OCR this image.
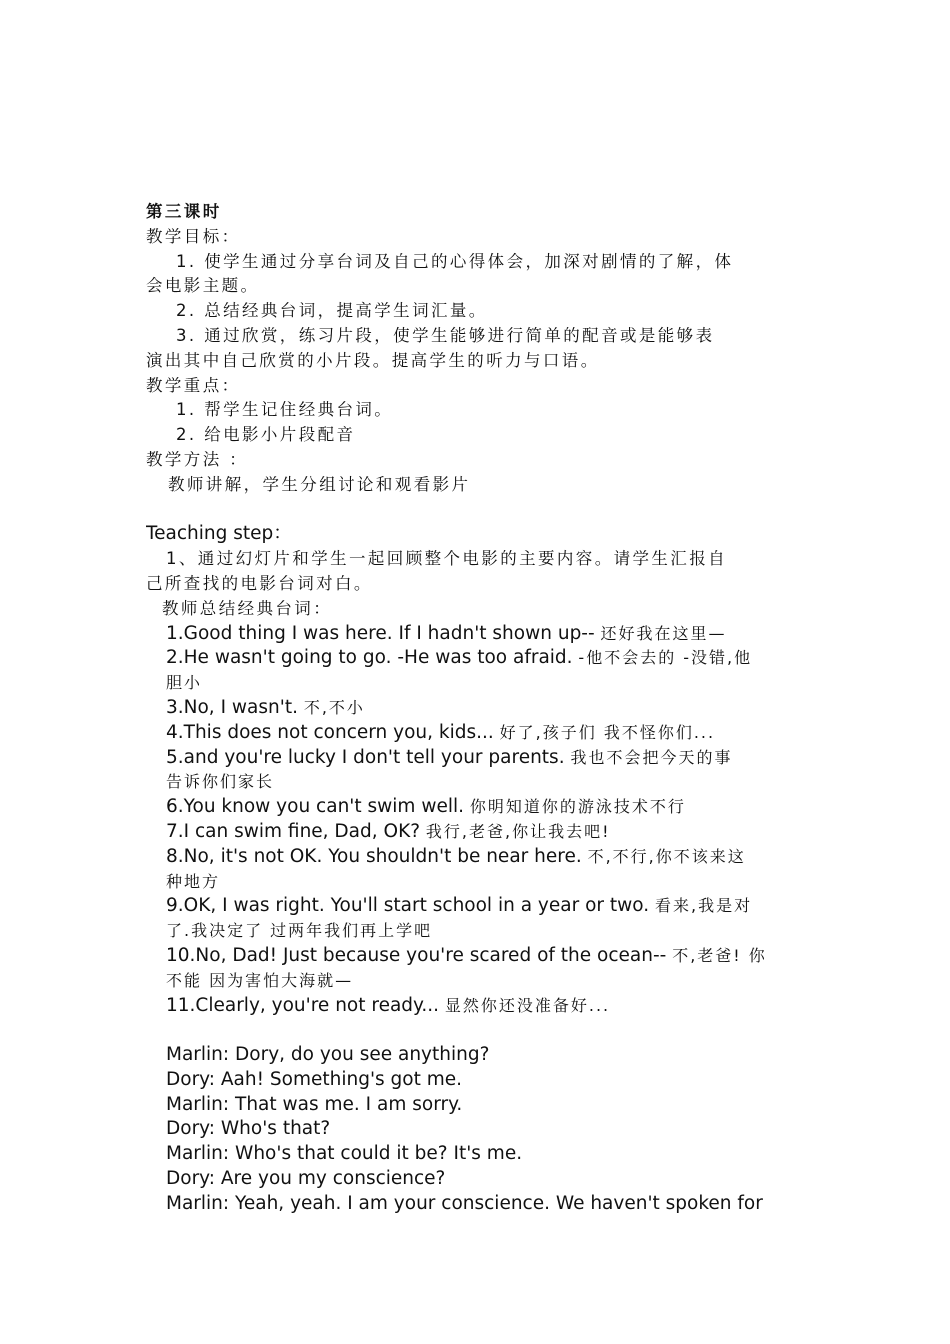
第三课时
教学目标：
1. 使学生通过分享台词及自己的心得体会，加深对剧情的了解，体
会电影主题。
2. 总结经典台词，提高学生词汇量。
3. 通过欣赏，练习片段，使学生能够进行简单的配音或是能够表
演出其中自己欣赏的小片段。提高学生的听力与口语。
教学重点：
1. 帮学生记住经典台词。
2. 给电影小片段配音
教学方法 ：
教师讲解，学生分组讨论和观看影片
Teaching step：
1、通过幻灯片和学生一起回顾整个电影的主要内容。请学生汇报自
己所查找的电影台词对白。
教师总结经典台词：
1.Good thing I was here. If I hadn't shown up-- 还好我在这里—
2.He wasn't going to go. -He was too afraid. -他不会去的 -没错,他
胆小
3.No, I wasn't. 不,不小
4.This does not concern you, kids... 好了,孩子们 我不怪你们...
5.and you're lucky I don't tell your parents. 我也不会把今天的事
告诉你们家长
6.You know you can't swim well. 你明知道你的游泳技术不行
7.I can swim fine, Dad, OK? 我行,老爸,你让我去吧!
8.No, it's not OK. You shouldn't be near here. 不,不行,你不该来这
种地方
9.OK, I was right. You'll start school in a year or two. 看来,我是对
了.我决定了 过两年我们再上学吧
10.No, Dad! Just because you're scared of the ocean-- 不,老爸! 你
不能 因为害怕大海就—
11.Clearly, you're not ready... 显然你还没准备好...
Marlin: Dory, do you see anything?
Dory: Aah! Something's got me.
Marlin: That was me. I am sorry.
Dory: Who's that?
Marlin: Who's that could it be? It's me.
Dory: Are you my conscience?
Marlin: Yeah, yeah. I am your conscience. We haven't spoken for
